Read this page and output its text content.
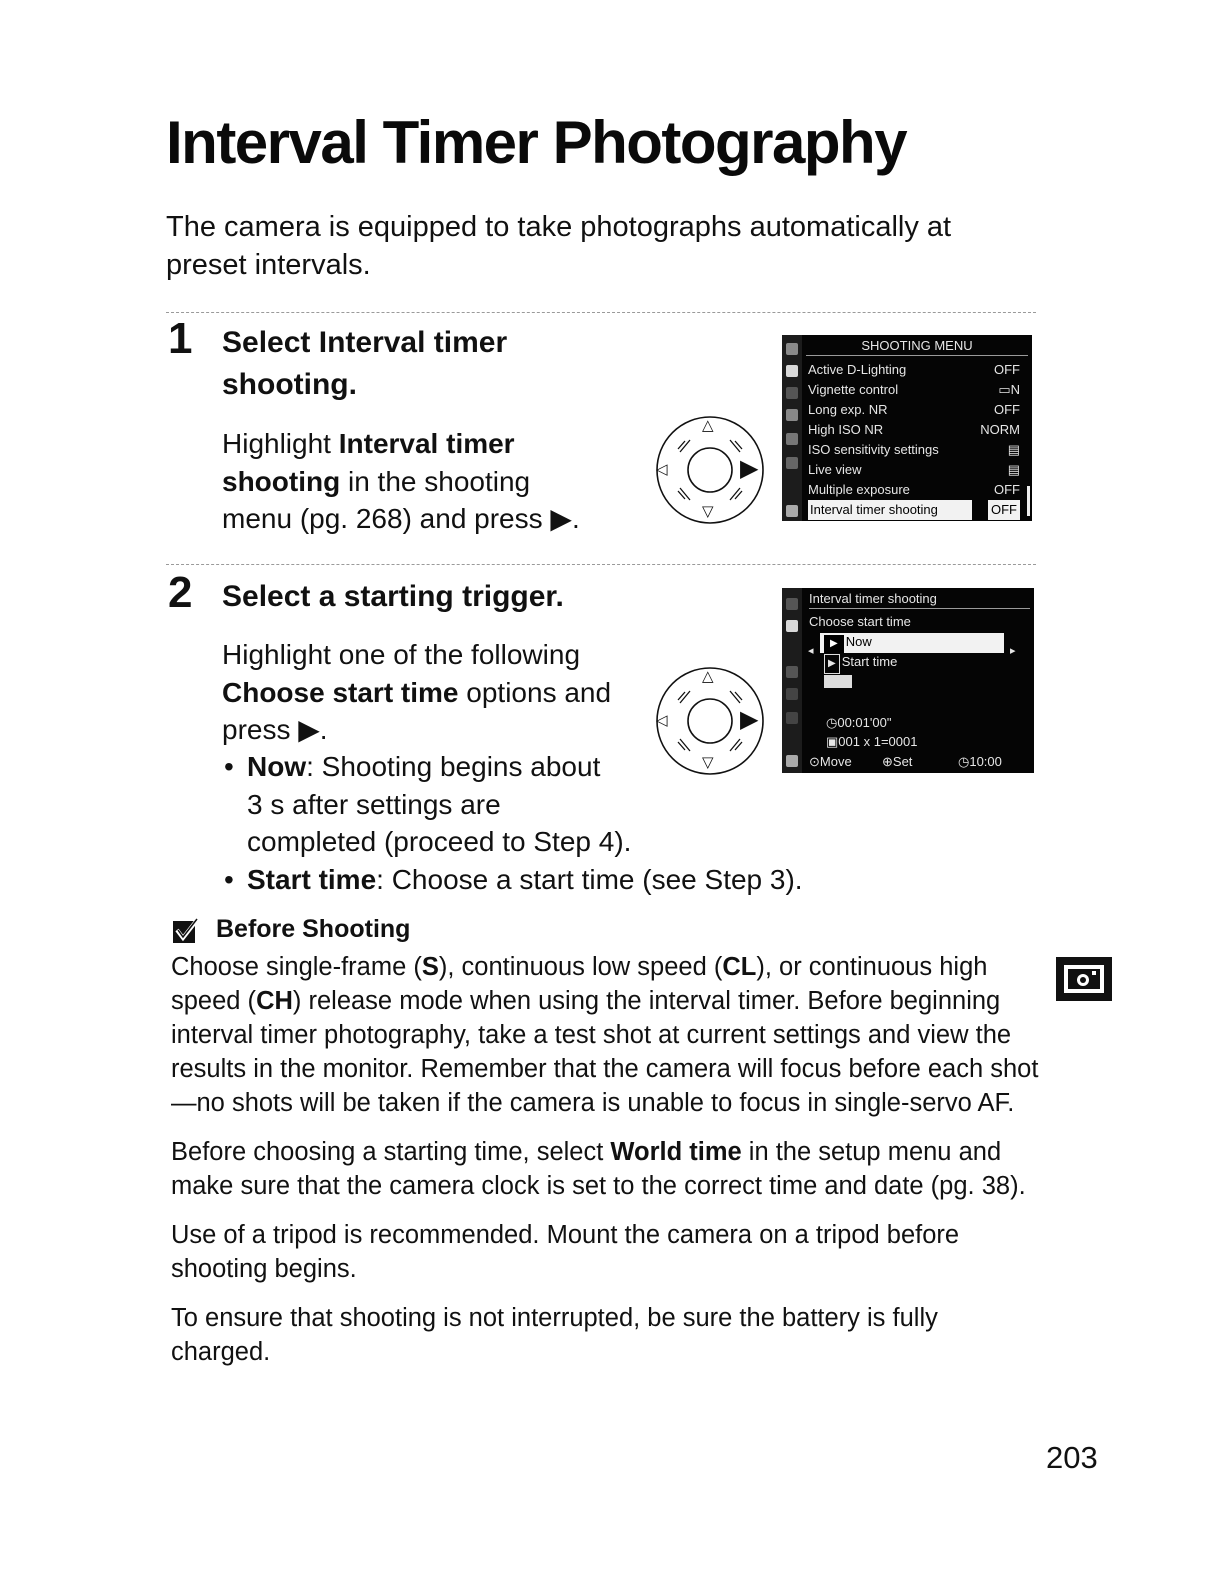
Interval Timer Photography

The camera is equipped to take photographs automatically at preset intervals.

1 Select Interval timer
shooting.
Highlight Interval timer
shooting in the shooting
menu (pg. 268) and press ▶.
△
▽
◁	▶
SHOOTING MENU
Active D-Lighting	OFF
Vignette control	▭N
Long exp. NR	OFF
High ISO NR	NORM
ISO sensitivity settings	▤
Live view	▤
Multiple exposure	OFF
Interval timer shooting	OFF
2 Select a starting trigger.
Highlight one of the following
Choose start time options and
press ▶.
• Now: Shooting begins about
3 s after settings are
completed (proceed to Step 4).
• Start time: Choose a start time (see Step 3).
△
▽
◁	▶
Interval timer shooting
Choose start time
◂
▶ Now
▸
▶ Start time
◷00:01'00"
▣001 x 1=0001
⊙Move ⊕Set	◷10:00
Before Shooting

Choose single-frame (S), continuous low speed (CL), or continuous high speed (CH) release mode when using the interval timer. Before beginning interval timer photography, take a test shot at current settings and view the results in the monitor. Remember that the camera will focus before each shot—no shots will be taken if the camera is unable to focus in single-servo AF.

Before choosing a starting time, select World time in the setup menu and make sure that the camera clock is set to the correct time and date (pg. 38).

Use of a tripod is recommended. Mount the camera on a tripod before shooting begins.

To ensure that shooting is not interrupted, be sure the battery is fully charged.

203
